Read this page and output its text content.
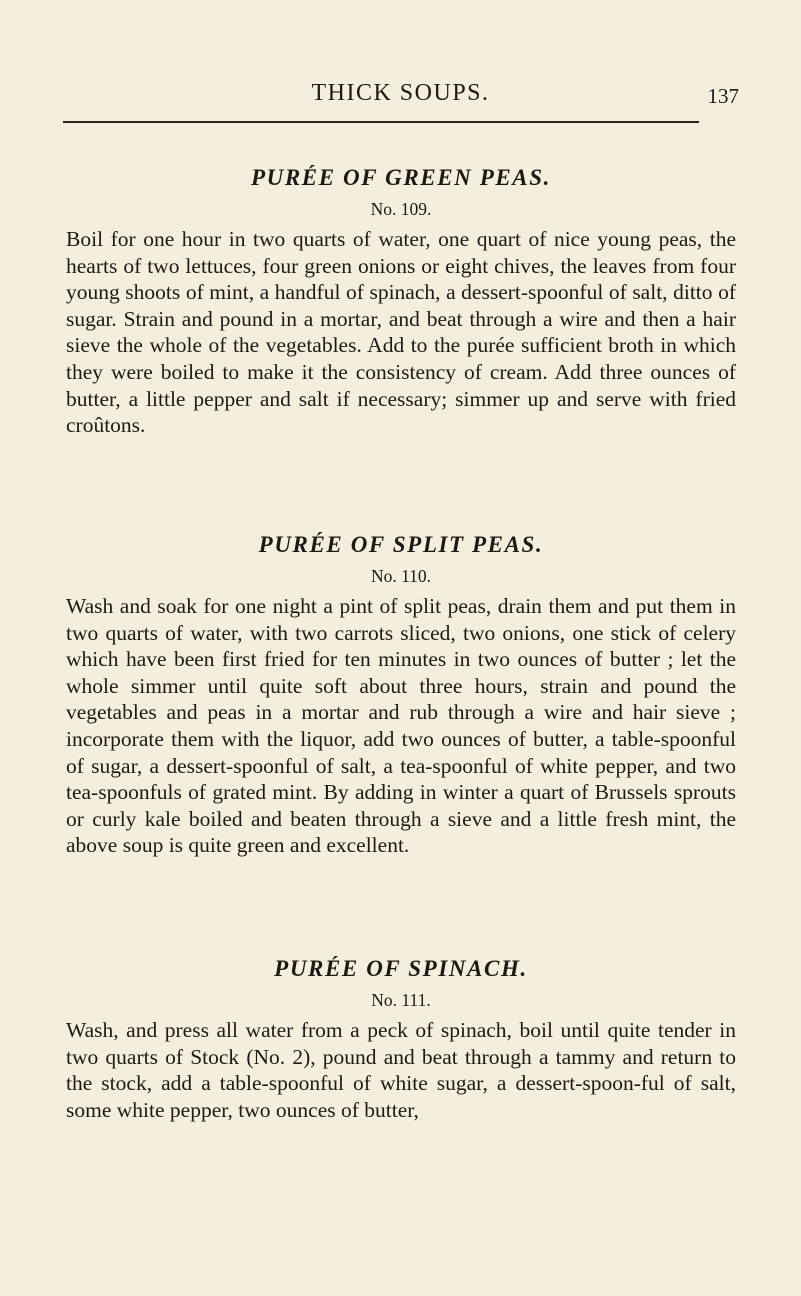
THICK SOUPS.	137
PURÉE OF GREEN PEAS.
No. 109.

Boil for one hour in two quarts of water, one quart of nice young peas, the hearts of two lettuces, four green onions or eight chives, the leaves from four young shoots of mint, a handful of spinach, a dessert-spoonful of salt, ditto of sugar. Strain and pound in a mortar, and beat through a wire and then a hair sieve the whole of the vegetables. Add to the purée sufficient broth in which they were boiled to make it the consistency of cream. Add three ounces of butter, a little pepper and salt if necessary; simmer up and serve with fried croûtons.

PURÉE OF SPLIT PEAS.
No. 110.

Wash and soak for one night a pint of split peas, drain them and put them in two quarts of water, with two carrots sliced, two onions, one stick of celery which have been first fried for ten minutes in two ounces of butter ; let the whole simmer until quite soft about three hours, strain and pound the vegetables and peas in a mortar and rub through a wire and hair sieve ; incorporate them with the liquor, add two ounces of butter, a table-spoonful of sugar, a dessert-spoonful of salt, a tea-spoonful of white pepper, and two tea-spoonfuls of grated mint. By adding in winter a quart of Brussels sprouts or curly kale boiled and beaten through a sieve and a little fresh mint, the above soup is quite green and excellent.

PURÉE OF SPINACH.
No. 111.

Wash, and press all water from a peck of spinach, boil until quite tender in two quarts of Stock (No. 2), pound and beat through a tammy and return to the stock, add a table-spoonful of white sugar, a dessert-spoon-ful of salt, some white pepper, two ounces of butter,
